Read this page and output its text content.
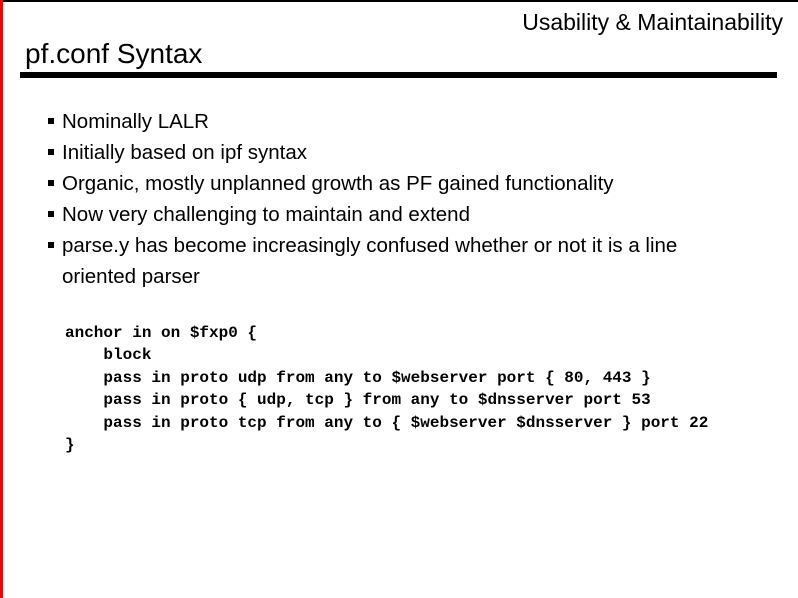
Usability & Maintainability
pf.conf Syntax
Nominally LALR
Initially based on ipf syntax
Organic, mostly unplanned growth as PF gained functionality
Now very challenging to maintain and extend
parse.y has become increasingly confused whether or not it is a line oriented parser
anchor in on $fxp0 {
block
pass in proto udp from any to $webserver port { 80, 443 }
pass in proto { udp, tcp } from any to $dnsserver port 53
pass in proto tcp from any to { $webserver $dnsserver } port 22
}
